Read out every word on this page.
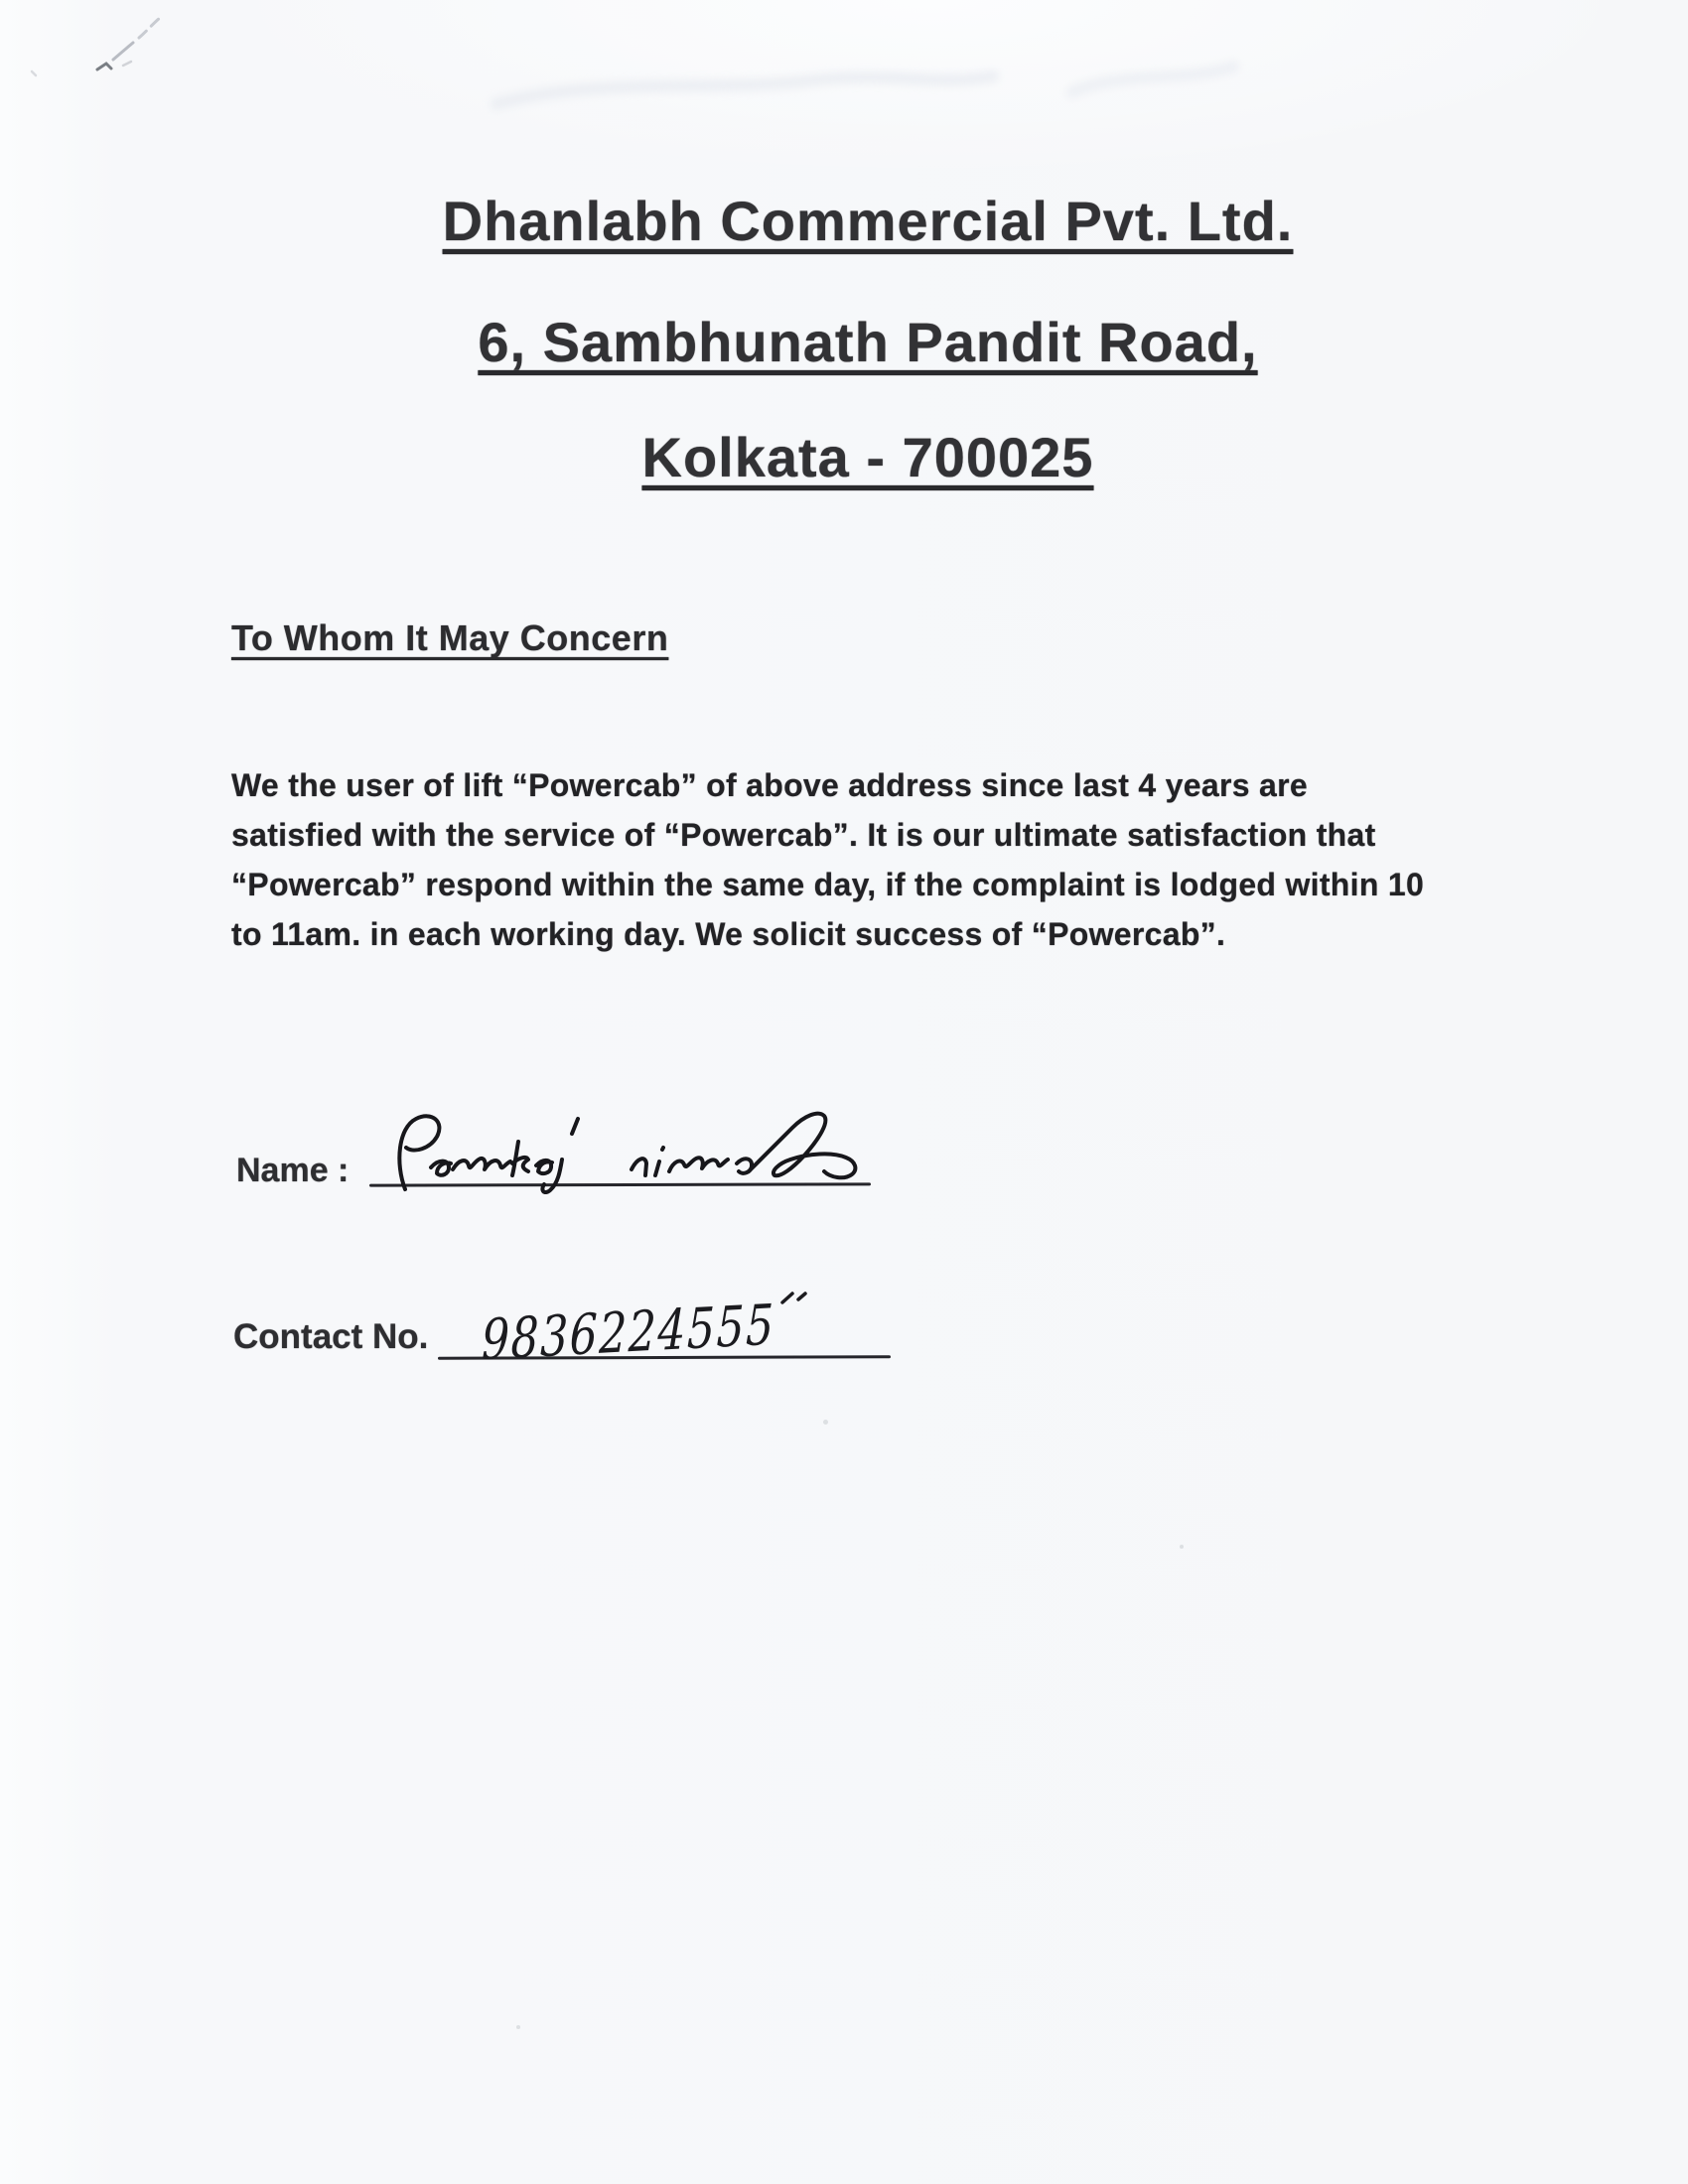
Dhanlabh Commercial Pvt. Ltd.
6, Sambhunath Pandit Road,
Kolkata - 700025
To Whom It May Concern
We the user of lift “Powercab” of above address since last 4 years are
satisfied with the service of “Powercab”. It is our ultimate satisfaction that
“Powercab” respond within the same day, if the complaint is lodged within 10
to 11am. in each working day. We solicit success of “Powercab”.
Name :
Contact No. 9836224555
